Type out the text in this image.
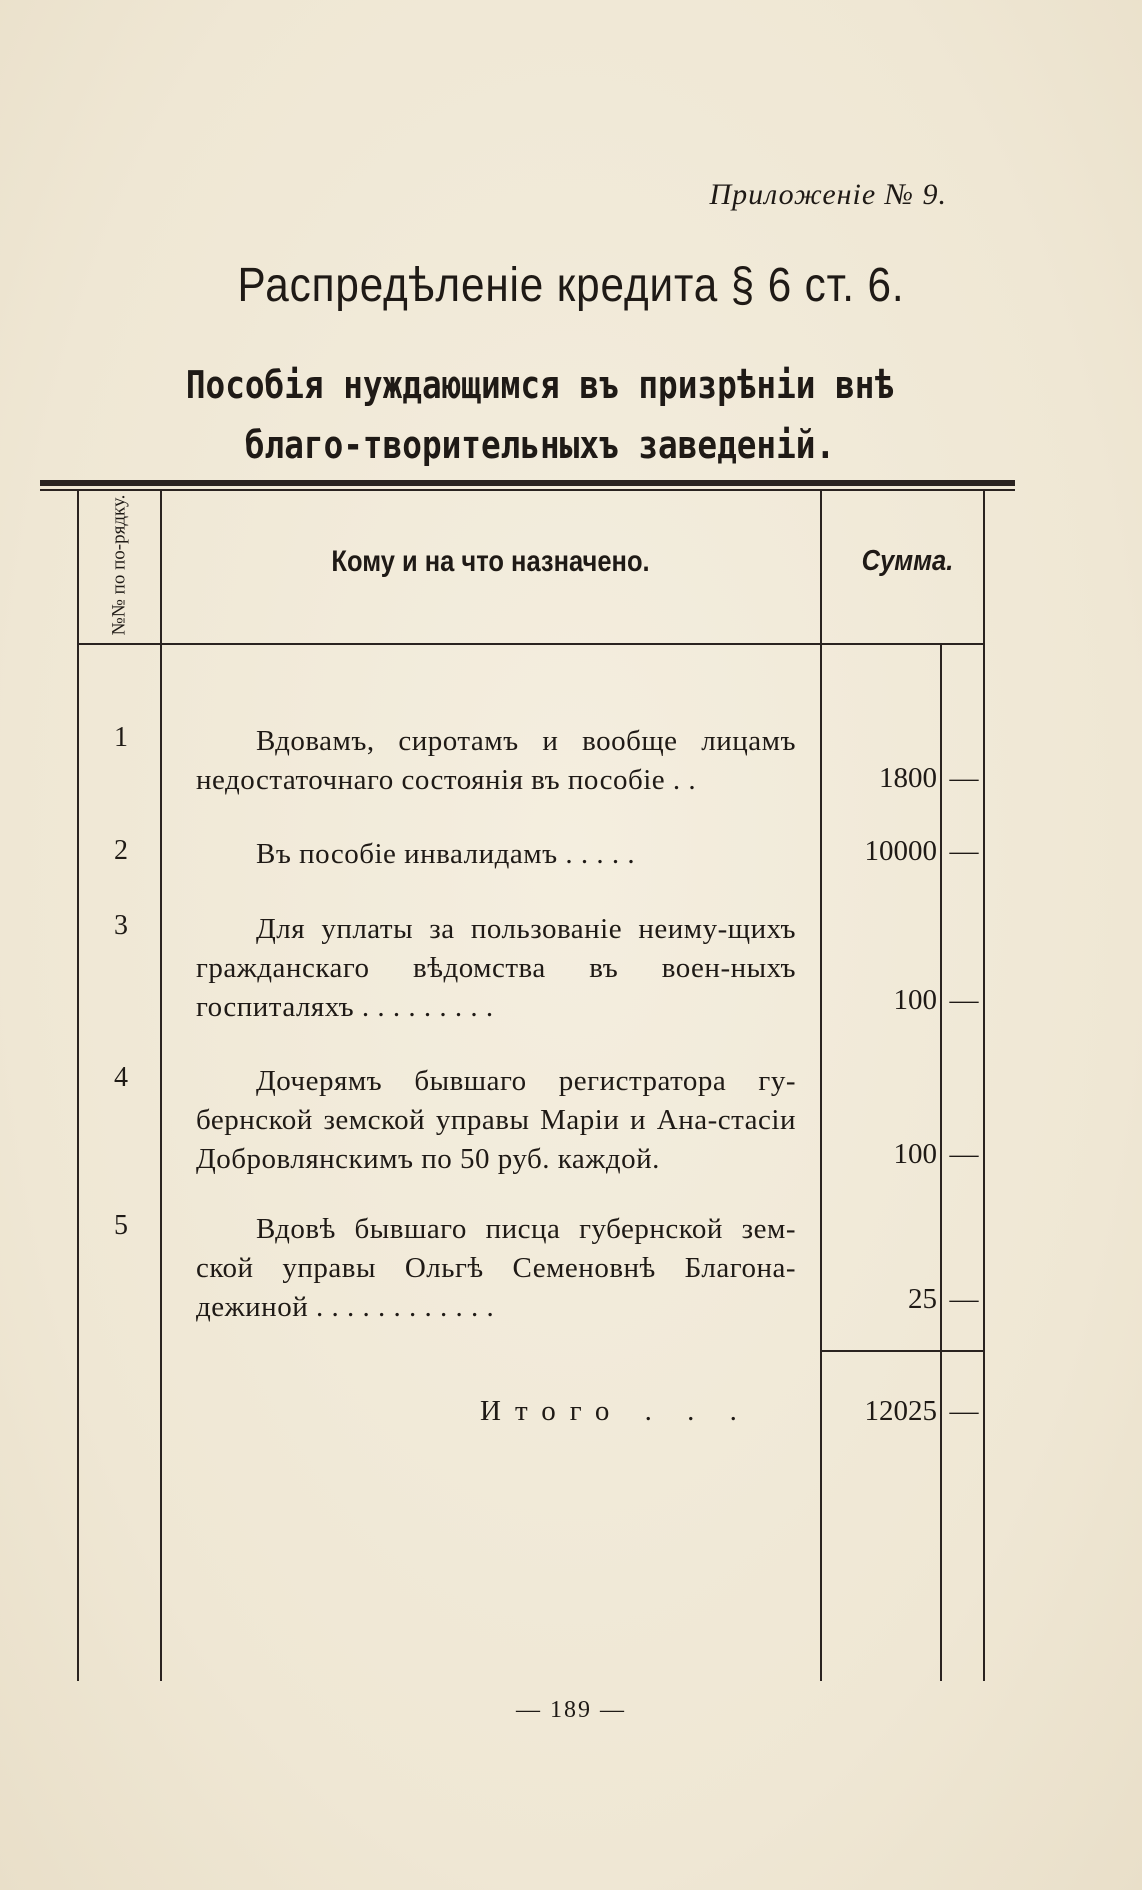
Приложеніе № 9.
Распредѣленіе кредита § 6 ст. 6.
Пособія нуждающимся въ призрѣніи внѣ благо-творительныхъ заведеній.
№№ по по-рядку.	Кому и на что назначено.	Сумма.
1	Вдовамъ, сиротамъ и вообще лицамъ недостаточнаго состоянія въ пособіе . .	1800 —
2	Въ пособіе инвалидамъ . . . . .	10000 —
3	Для уплаты за пользованіе неиму-щихъ гражданскаго вѣдомства въ воен-ныхъ госпиталяхъ . . . . . . . . .	100 —
4	Дочерямъ бывшаго регистратора гу-бернской земской управы Маріи и Ана-стасіи Добровлянскимъ по 50 руб. каждой.	100 —
5	Вдовѣ бывшаго писца губернской зем-ской управы Ольгѣ Семеновнѣ Благона-дежиной . . . . . . . . . . . .	25 —
Итого . . .	12025 —
— 189 —
